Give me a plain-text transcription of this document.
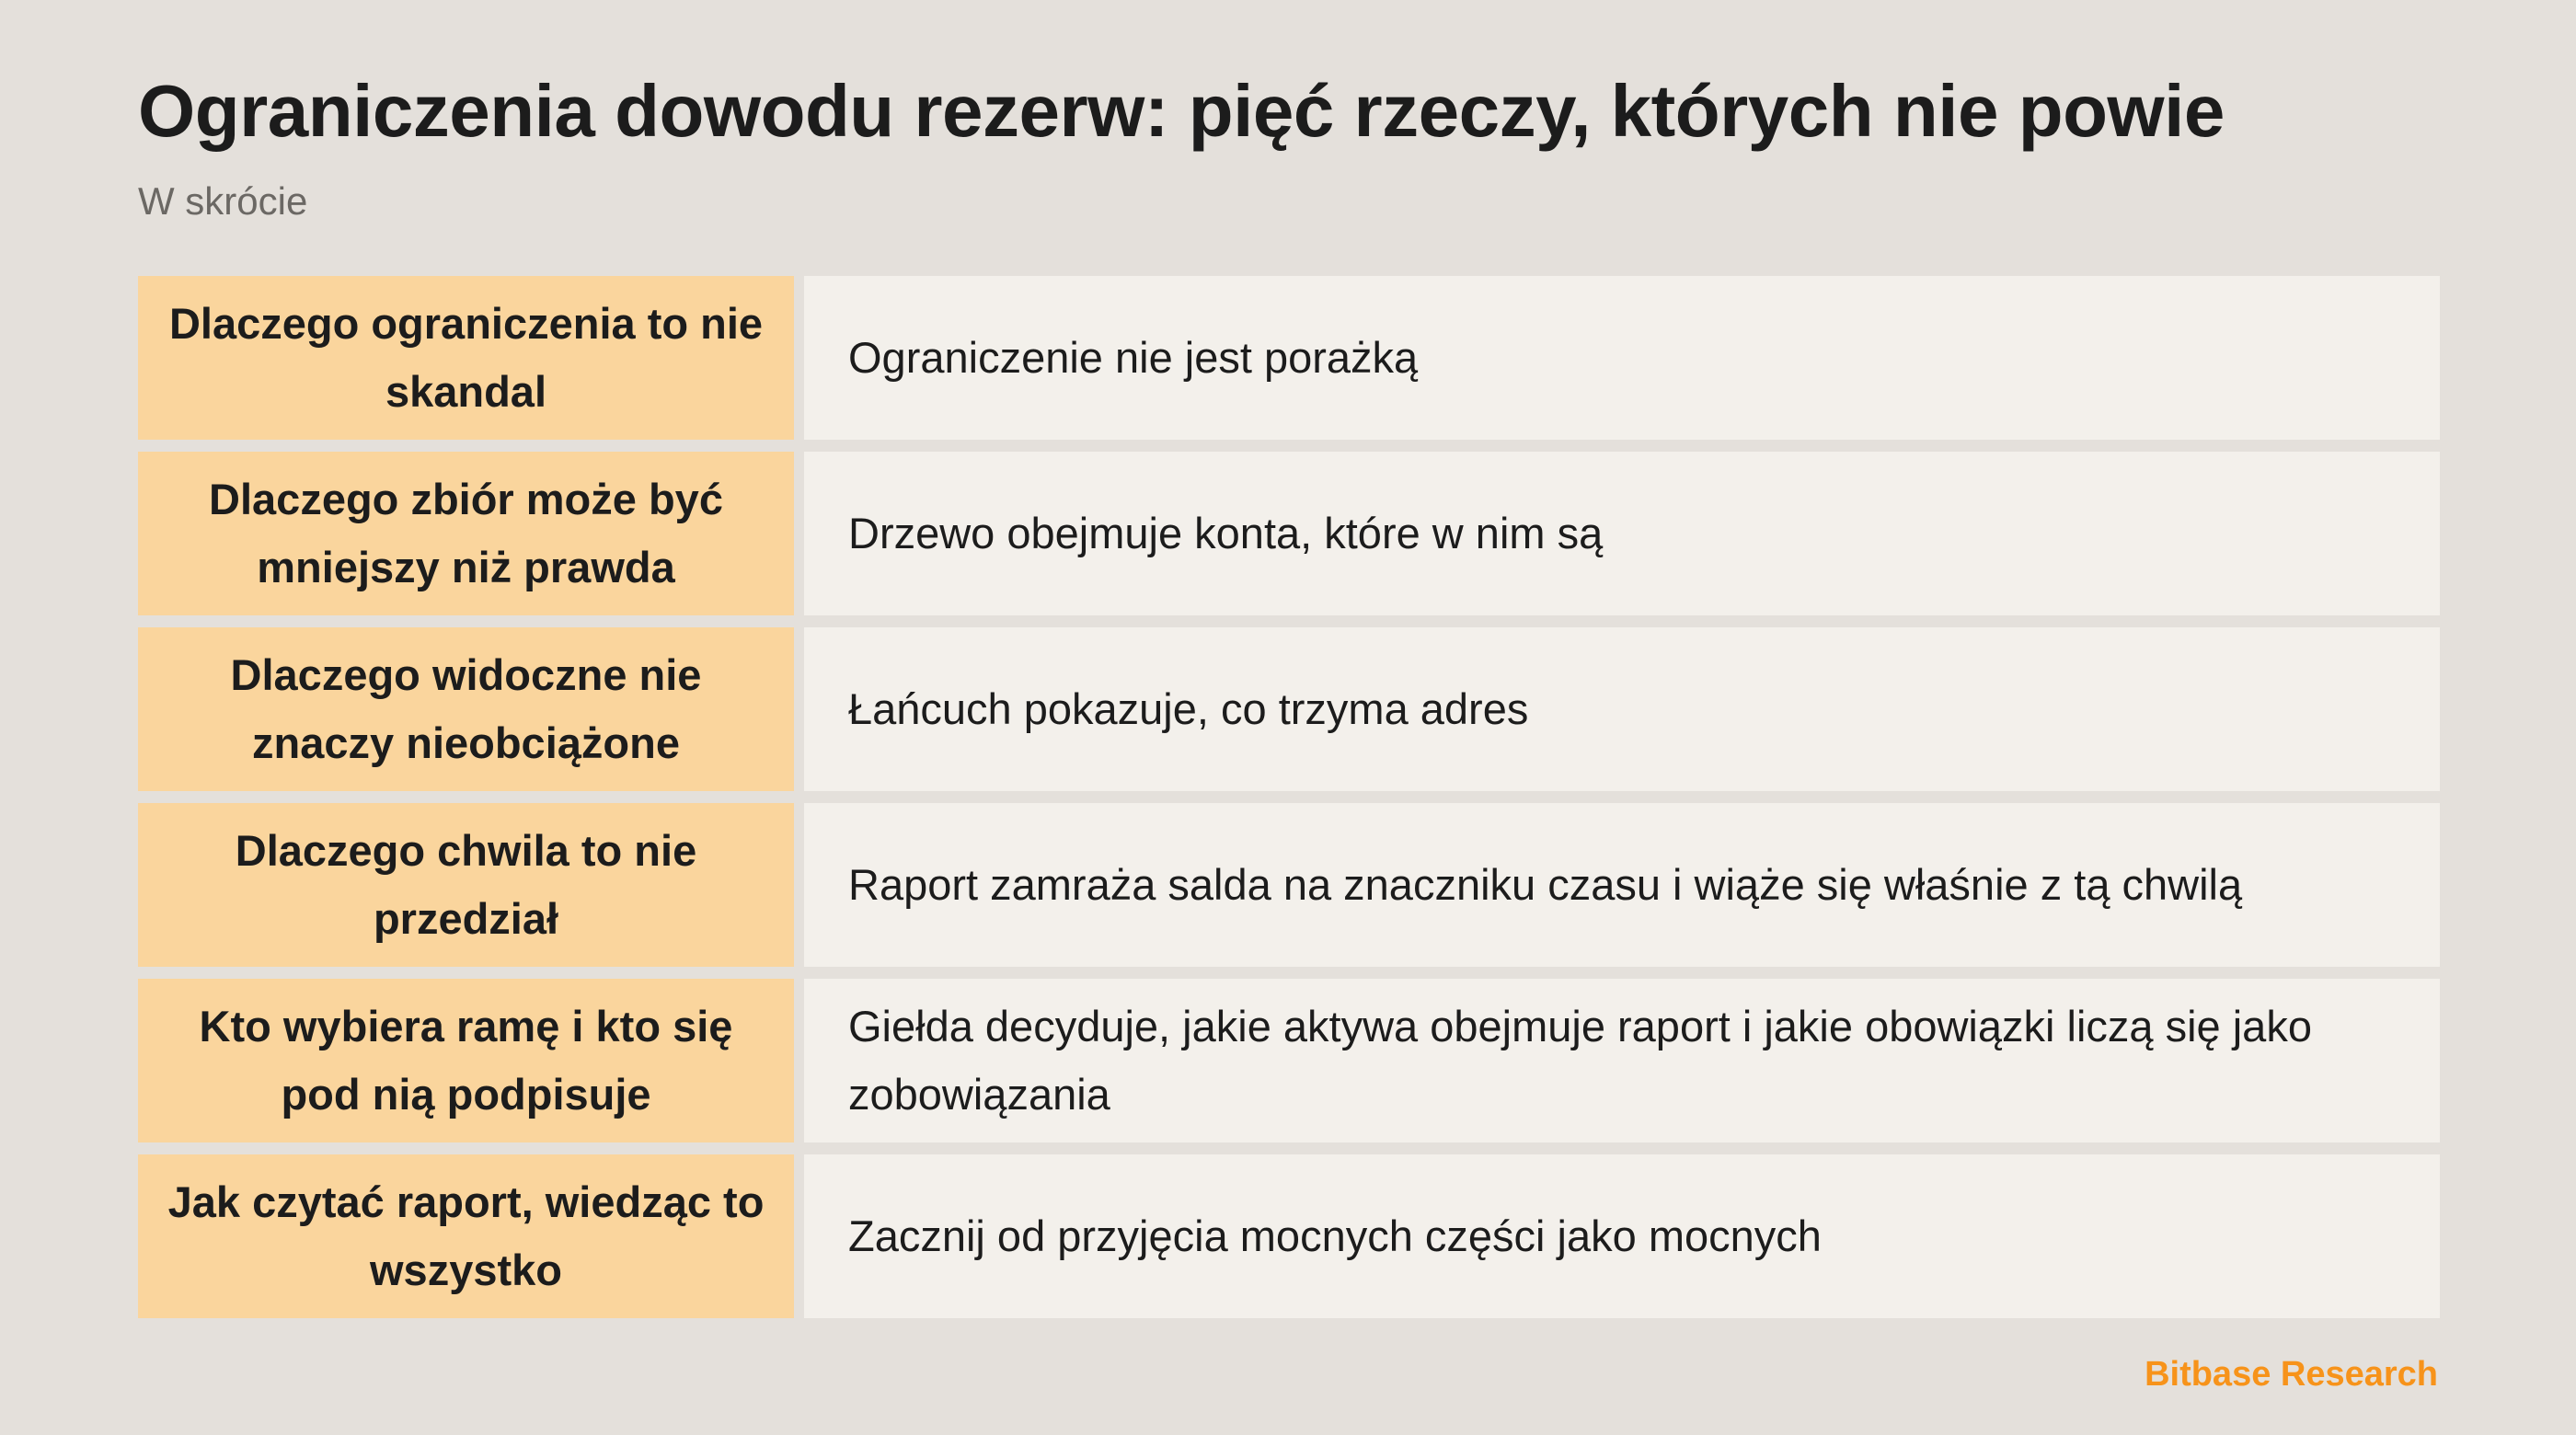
Ograniczenia dowodu rezerw: pięć rzeczy, których nie powie
W skrócie
Dlaczego ograniczenia to nie skandal
Ograniczenie nie jest porażką
Dlaczego zbiór może być mniejszy niż prawda
Drzewo obejmuje konta, które w nim są
Dlaczego widoczne nie znaczy nieobciążone
Łańcuch pokazuje, co trzyma adres
Dlaczego chwila to nie przedział
Raport zamraża salda na znaczniku czasu i wiąże się właśnie z tą chwilą
Kto wybiera ramę i kto się pod nią podpisuje
Giełda decyduje, jakie aktywa obejmuje raport i jakie obowiązki liczą się jako zobowiązania
Jak czytać raport, wiedząc to wszystko
Zacznij od przyjęcia mocnych części jako mocnych
Bitbase Research
